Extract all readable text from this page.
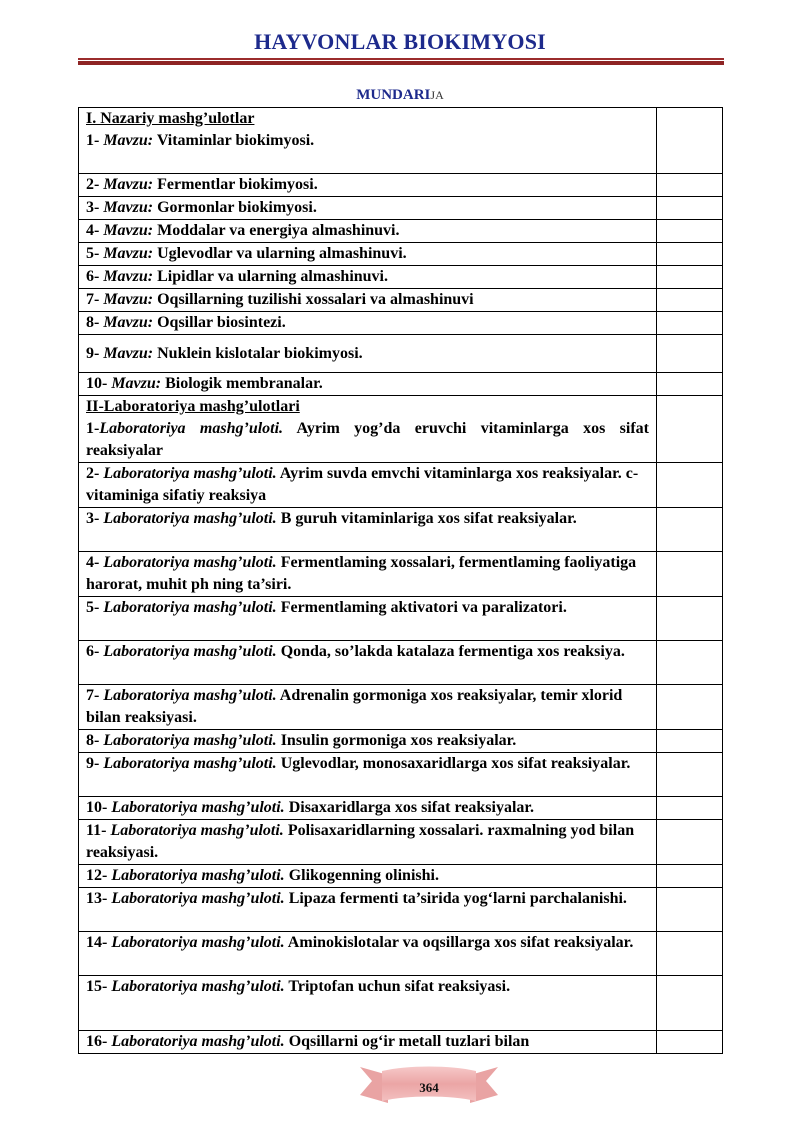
HAYVONLAR BIOKIMYOSI
MUNDARIJA
I. Nazariy mashg’ulotlar
1- Mavzu: Vitaminlar biokimyosi.	
2- Mavzu: Fermentlar biokimyosi.	
3- Mavzu: Gormonlar biokimyosi.	
4- Mavzu: Moddalar va energiya almashinuvi.	
5- Mavzu: Uglevodlar va ularning almashinuvi.	
6- Mavzu: Lipidlar va ularning almashinuvi.	
7- Mavzu: Oqsillarning tuzilishi xossalari va almashinuvi	
8- Mavzu: Oqsillar biosintezi.	
9- Mavzu: Nuklein kislotalar biokimyosi.	
10- Mavzu: Biologik membranalar.	

II-Laboratoriya mashg’ulotlari
1-Laboratoriya mashg’uloti. Ayrim yog’da eruvchi vitaminlarga xos sifat reaksiyalar	
2- Laboratoriya mashg’uloti. Ayrim suvda emvchi vitaminlarga xos reaksiyalar. c- vitaminiga sifatiy reaksiya	
3- Laboratoriya mashg’uloti. B guruh vitaminlariga xos sifat reaksiyalar.	
4- Laboratoriya mashg’uloti. Fermentlaming xossalari, fermentlaming faoliyatiga harorat, muhit ph ning ta’siri.	
5- Laboratoriya mashg’uloti. Fermentlaming aktivatori va paralizatori.	
6- Laboratoriya mashg’uloti. Qonda, so’lakda katalaza fermentiga xos reaksiya.	
7- Laboratoriya mashg’uloti. Adrenalin gormoniga xos reaksiyalar, temir xlorid bilan reaksiyasi.	
8- Laboratoriya mashg’uloti. Insulin gormoniga xos reaksiyalar.	
9- Laboratoriya mashg’uloti. Uglevodlar, monosaxaridlarga xos sifat reaksiyalar.	
10- Laboratoriya mashg’uloti. Disaxaridlarga xos sifat reaksiyalar.	
11- Laboratoriya mashg’uloti. Polisaxaridlarning xossalari. raxmalning yod bilan reaksiyasi.	
12- Laboratoriya mashg’uloti. Glikogenning olinishi.	
13- Laboratoriya mashg’uloti. Lipaza fermenti ta’sirida yog‘larni parchalanishi.	
14- Laboratoriya mashg’uloti. Aminokislotalar va oqsillarga xos sifat reaksiyalar.	
15- Laboratoriya mashg’uloti. Triptofan uchun sifat reaksiyasi.	
16- Laboratoriya mashg’uloti. Oqsillarni og‘ir metall tuzlari bilan	
364
